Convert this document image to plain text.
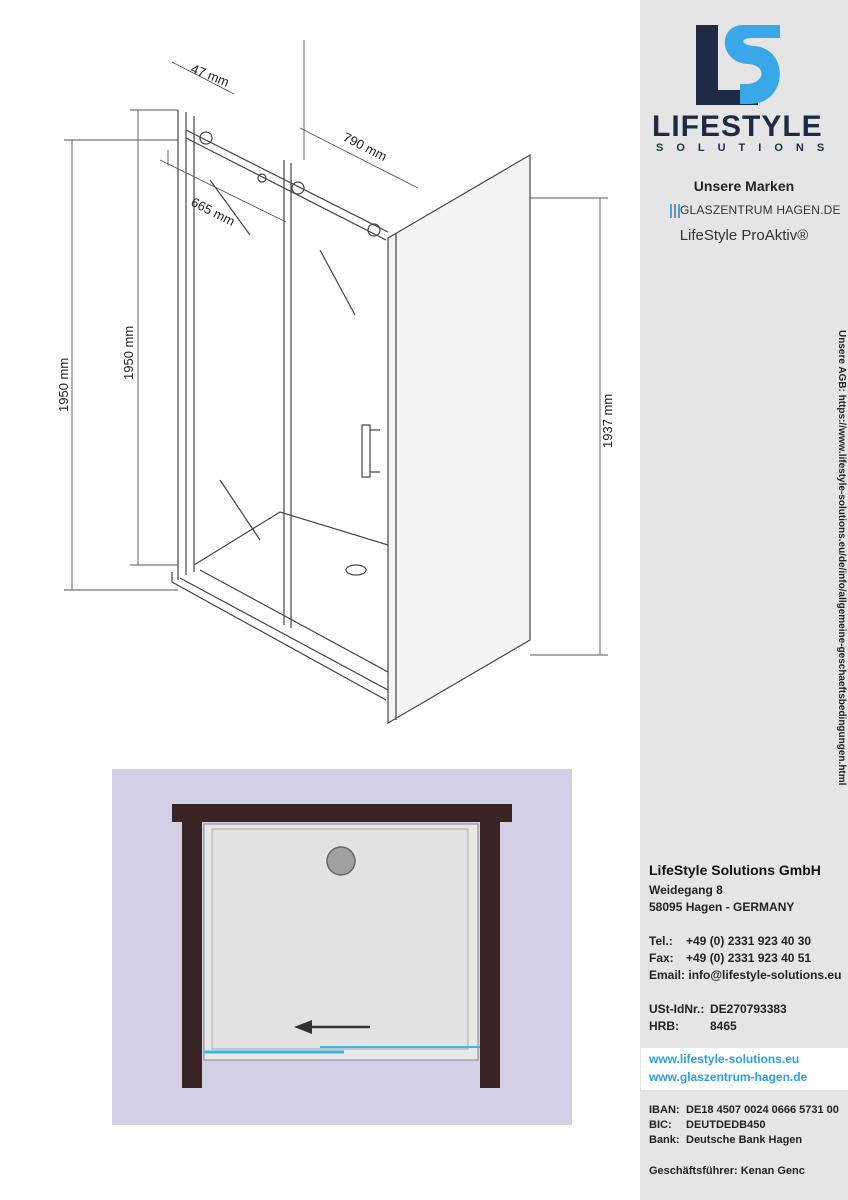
47 mm
790 mm
665 mm
1950 mm
1950 mm
1937 mm
LIFESTYLE
SOLUTIONS
Unsere Marken
GLASZENTRUM HAGEN.DE
LifeStyle ProAktiv®
Unsere AGB: https://www.lifestyle-solutions.eu/de/info/allgemeine-geschaeftsbedingungen.html
LifeStyle Solutions GmbH
Weidegang 8
58095 Hagen - GERMANY
Tel.: +49 (0) 2331 923 40 30
Fax: +49 (0) 2331 923 40 51
Email: info@lifestyle-solutions.eu
USt-IdNr.: DE270793383
HRB:	8465
www.lifestyle-solutions.eu
www.glaszentrum-hagen.de
IBAN: DE18 4507 0024 0666 5731 00
BIC: DEUTDEDB450
Bank: Deutsche Bank Hagen
Geschäftsführer: Kenan Genc
